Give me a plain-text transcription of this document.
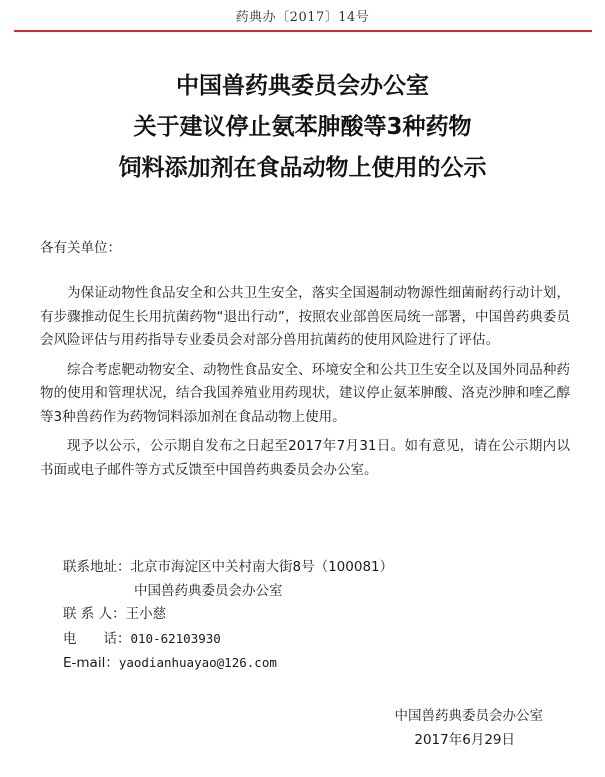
药典办〔2017〕14号
中国兽药典委员会办公室
关于建议停止氨苯胂酸等3种药物
饲料添加剂在食品动物上使用的公示
各有关单位：

为保证动物性食品安全和公共卫生安全，落实全国遏制动物源性细菌耐药行动计划，有步骤推动促生长用抗菌药物“退出行动”，按照农业部兽医局统一部署，中国兽药典委员会风险评估与用药指导专业委员会对部分兽用抗菌药的使用风险进行了评估。

综合考虑靶动物安全、动物性食品安全、环境安全和公共卫生安全以及国外同品种药物的使用和管理状况，结合我国养殖业用药现状，建议停止氨苯胂酸、洛克沙胂和喹乙醇等3种兽药作为药物饲料添加剂在食品动物上使用。

现予以公示，公示期自发布之日起至2017年7月31日。如有意见，请在公示期内以书面或电子邮件等方式反馈至中国兽药典委员会办公室。

联系地址：北京市海淀区中关村南大街8号（100081）
中国兽药典委员会办公室
联 系 人：王小慈
电　　话：010-62103930
E-mail：yaodianhuayao@126.com
中国兽药典委员会办公室
2017年6月29日
